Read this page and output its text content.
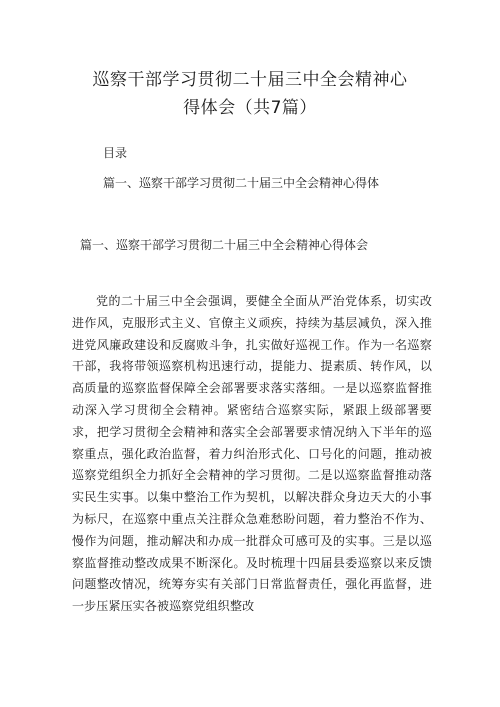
巡察干部学习贯彻二十届三中全会精神心
得体会（共7篇）
目录
篇一、巡察干部学习贯彻二十届三中全会精神心得体
篇一、巡察干部学习贯彻二十届三中全会精神心得体会

党的二十届三中全会强调，要健全全面从严治党体系，切实改进作风，克服形式主义、官僚主义顽疾，持续为基层减负，深入推进党风廉政建设和反腐败斗争，扎实做好巡视工作。作为一名巡察干部，我将带领巡察机构迅速行动，提能力、提素质、转作风，以高质量的巡察监督保障全会部署要求落实落细。一是以巡察监督推动深入学习贯彻全会精神。紧密结合巡察实际，紧跟上级部署要求，把学习贯彻全会精神和落实全会部署要求情况纳入下半年的巡察重点，强化政治监督，着力纠治形式化、口号化的问题，推动被巡察党组织全力抓好全会精神的学习贯彻。二是以巡察监督推动落实民生实事。以集中整治工作为契机，以解决群众身边天大的小事为标尺，在巡察中重点关注群众急难愁盼问题，着力整治不作为、慢作为问题，推动解决和办成一批群众可感可及的实事。三是以巡察监督推动整改成果不断深化。及时梳理十四届县委巡察以来反馈问题整改情况，统筹夯实有关部门日常监督责任，强化再监督，进一步压紧压实各被巡察党组织整改
